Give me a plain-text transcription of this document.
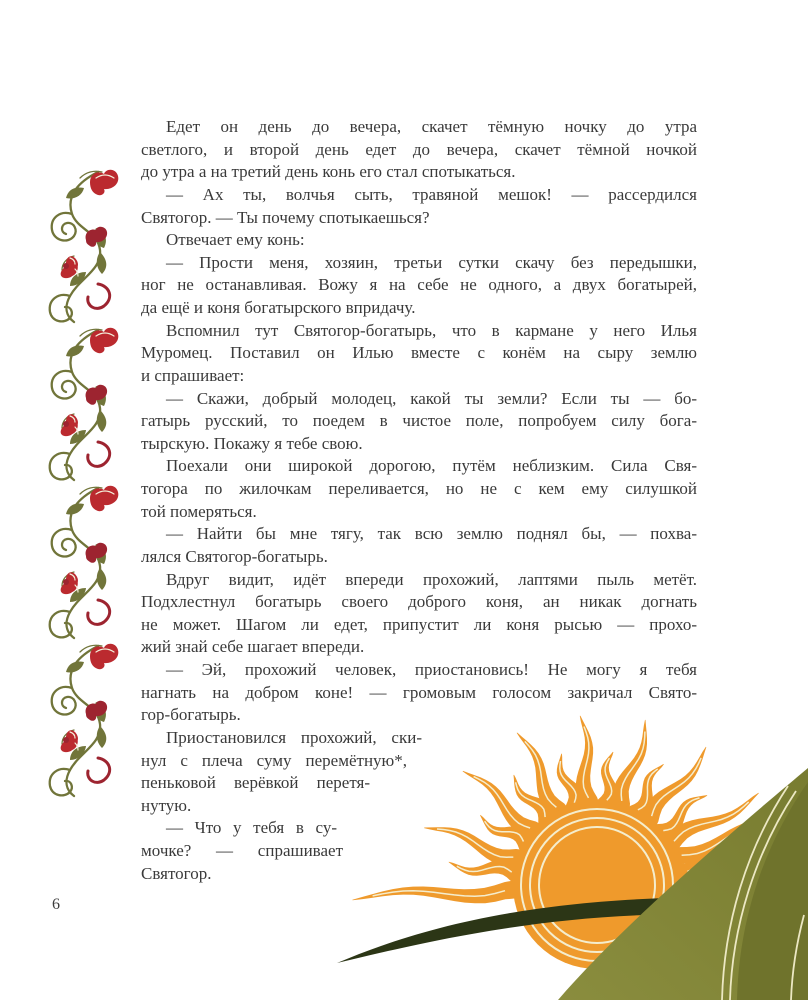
Едет он день до вечера, скачет тёмную ночку до утра
светлого, и второй день едет до вечера, скачет тёмной ночкой
до утра а на третий день конь его стал спотыкаться.
— Ах ты, волчья сыть, травяной мешок! — рассердился
Святогор. — Ты почему спотыкаешься?
Отвечает ему конь:
— Прости меня, хозяин, третьи сутки скачу без передышки,
ног не останавливая. Вожу я на себе не одного, а двух богатырей,
да ещё и коня богатырского впридачу.
Вспомнил тут Святогор-богатырь, что в кармане у него Илья
Муромец. Поставил он Илью вместе с конём на сыру землю
и спрашивает:
— Скажи, добрый молодец, какой ты земли? Если ты — бо-
гатырь русский, то поедем в чистое поле, попробуем силу бога-
тырскую. Покажу я тебе свою.
Поехали они широкой дорогою, путём неблизким. Сила Свя-
тогора по жилочкам переливается, но не с кем ему силушкой
той померяться.
— Найти бы мне тягу, так всю землю поднял бы, — похва-
лялся Святогор-богатырь.
Вдруг видит, идёт впереди прохожий, лаптями пыль метёт.
Подхлестнул богатырь своего доброго коня, ан никак догнать
не может. Шагом ли едет, припустит ли коня рысью — прохо-
жий знай себе шагает впереди.
— Эй, прохожий человек, приостановись! Не могу я тебя
нагнать на добром коне! — громовым голосом закричал Свято-
гор-богатырь.
Приостановился прохожий, ски-
нул с плеча суму перемётную*,
пеньковой верёвкой перетя-
нутую.
— Что у тебя в су-
мочке? — спрашивает
Святогор.
6
